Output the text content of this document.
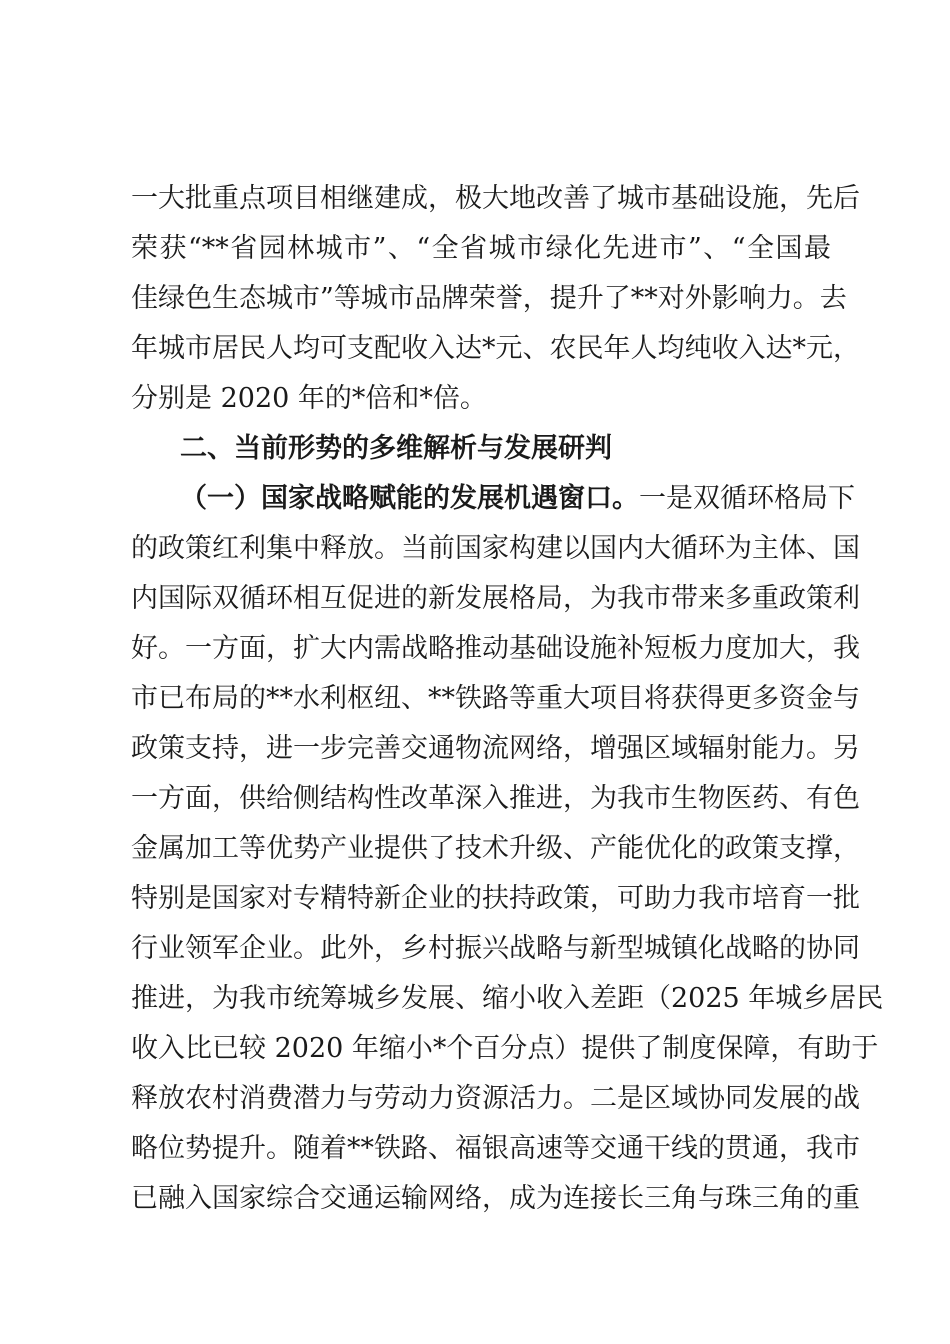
一大批重点项目相继建成，极大地改善了城市基础设施，先后
荣获“**省园林城市”、“全省城市绿化先进市”、“全国最
佳绿色生态城市”等城市品牌荣誉，提升了**对外影响力。去
年城市居民人均可支配收入达*元、农民年人均纯收入达*元，
分别是 2020 年的*倍和*倍。
二、当前形势的多维解析与发展研判
（一）国家战略赋能的发展机遇窗口。一是双循环格局下
的政策红利集中释放。当前国家构建以国内大循环为主体、国
内国际双循环相互促进的新发展格局，为我市带来多重政策利
好。一方面，扩大内需战略推动基础设施补短板力度加大，我
市已布局的**水利枢纽、**铁路等重大项目将获得更多资金与
政策支持，进一步完善交通物流网络，增强区域辐射能力。另
一方面，供给侧结构性改革深入推进，为我市生物医药、有色
金属加工等优势产业提供了技术升级、产能优化的政策支撑，
特别是国家对专精特新企业的扶持政策，可助力我市培育一批
行业领军企业。此外，乡村振兴战略与新型城镇化战略的协同
推进，为我市统筹城乡发展、缩小收入差距（2025 年城乡居民
收入比已较 2020 年缩小*个百分点）提供了制度保障，有助于
释放农村消费潜力与劳动力资源活力。二是区域协同发展的战
略位势提升。随着**铁路、福银高速等交通干线的贯通，我市
已融入国家综合交通运输网络，成为连接长三角与珠三角的重
